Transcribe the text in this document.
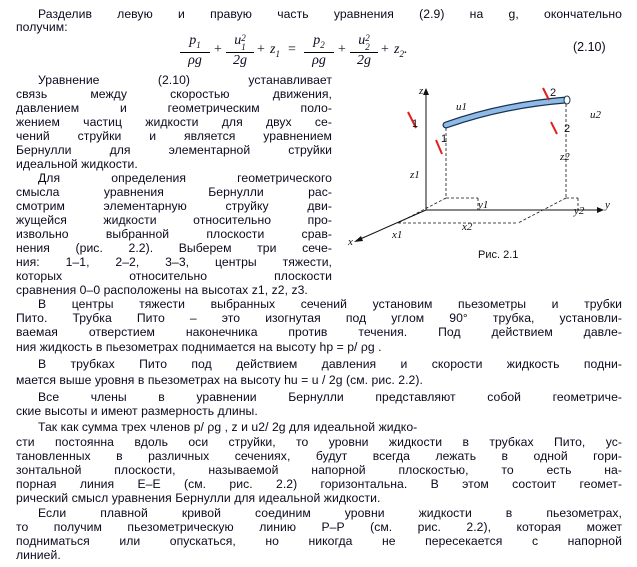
Разделив левую и правую часть уравнения (2.9) на g, окончательно
получим:
$\frac{p_1}{\rho g}$ +
u2
1
2g
+ $z_1 = \frac{p_2}{\rho g}$ +
u2
2
2g
+ $z_2$.	(2.10)
Уравнение (2.10) устанавливает
связь между скоростью движения,
давлением и геометрическим поло-
жением частиц жидкости для двух се-
чений струйки и является уравнением
Бернулли для элементарной струйки
идеальной жидкости.
Для определения геометрического
смысла уравнения Бернулли рас-
смотрим элементарную струйку дви-
жущейся жидкости относительно про-
извольно выбранной плоскости срав-
нения (рис. 2.2). Выберем три сече-
ния: 1–1, 2–2, 3–3, центры тяжести,
которых относительно плоскости
сравнения 0–0 расположены на высотах z1, z2, z3.
В центры тяжести выбранных сечений установим пьезометры и трубки
Пито. Трубка Пито – это изогнутая под углом 90° трубка, установли-
ваемая отверстием наконечника против течения. Под действием давле-
ния жидкость в пьезометрах поднимается на высоту hp = p/ ρg .
В трубках Пито под действием давления и скорости жидкость подни-
мается выше уровня в пьезометрах на высоту hu = u / 2g (см. рис. 2.2).
Все члены в уравнении Бернулли представляют собой геометриче-
ские высоты и имеют размерность длины.
Так как сумма трех членов p/ ρg , z и u2/ 2g для идеальной жидко-
сти постоянна вдоль оси струйки, то уровни жидкости в трубках Пито, ус-
тановленных в различных сечениях, будут всегда лежать в одной гори-
зонтальной плоскости, называемой напорной плоскостью, то есть на-
порная линия Е–Е (см. рис. 2.2) горизонтальна. В этом состоит геомет-
рический смысл уравнения Бернулли для идеальной жидкости.
Если плавной кривой соединим уровни жидкости в пьезометрах,
то получим пьезометрическую линию Р–Р (см. рис. 2.2), которая может
подниматься или опускаться, но никогда не пересекается с напорной
линией.
z
y
x
1
1
2
2
u1
u2
z1
z2
x1
x2
y1	y2
Рис. 2.1
